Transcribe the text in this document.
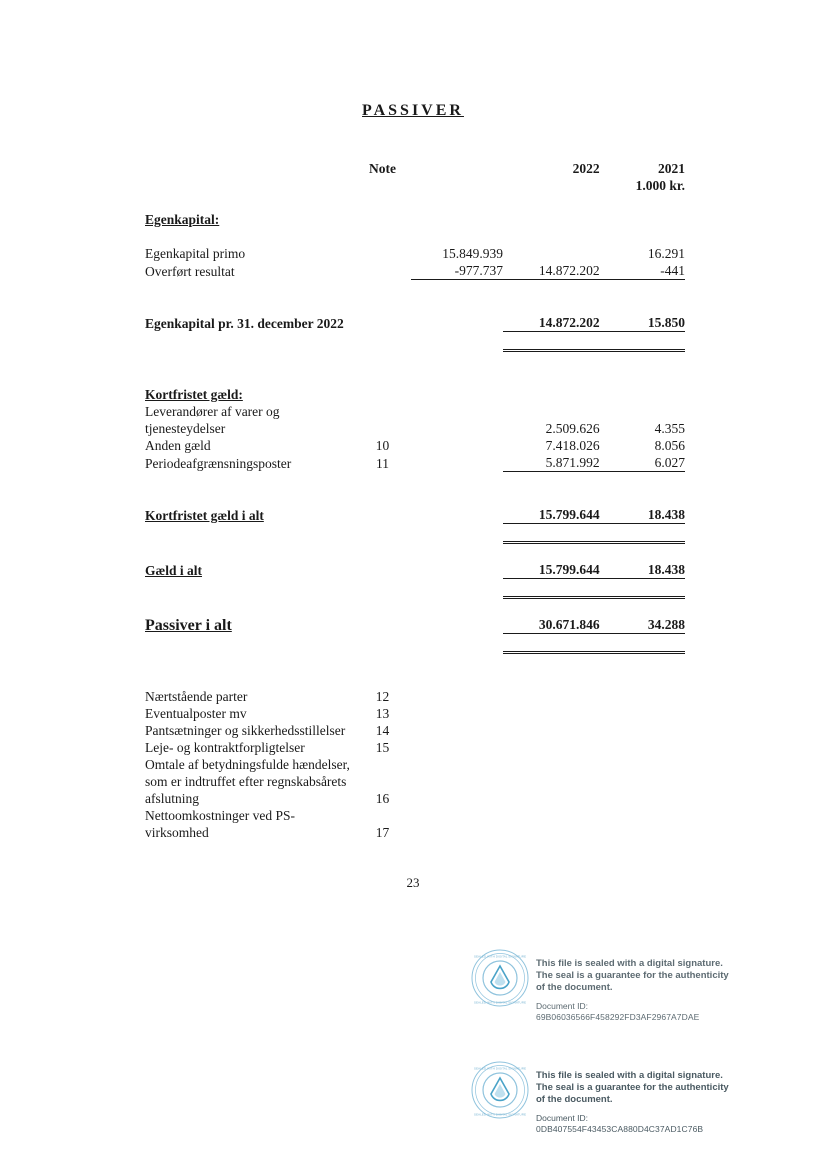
PASSIVER
	Note		2022	2021
				1.000 kr.

Egenkapital:				

Egenkapital primo		15.849.939		16.291
Overført resultat		-977.737	14.872.202	-441

Egenkapital pr. 31. december 2022			14.872.202	15.850

Kortfristet gæld:				
Leverandører af varer og				
tjenesteydelser			2.509.626	4.355
Anden gæld	10		7.418.026	8.056
Periodeafgrænsningsposter	11		5.871.992	6.027

Kortfristet gæld i alt			15.799.644	18.438

Gæld i alt			15.799.644	18.438

Passiver i alt			30.671.846	34.288

Nærtstående parter	12			
Eventualposter mv	13			
Pantsætninger og sikkerhedsstillelser	14			
Leje- og kontraktforpligtelser	15			
Omtale af betydningsfulde hændelser,				
som er indtruffet efter regnskabsårets				
afslutning	16			
Nettoomkostninger ved PS-virksomhed	17			
23
SEALED WITH DIGITAL SIGNATURE
SEALED WITH DIGITAL SIGNATURE
This file is sealed with a digital signature.
The seal is a guarantee for the authenticity
of the document.
Document ID:
69B06036566F458292FD3AF2967A7DAE
SEALED WITH DIGITAL SIGNATURE
SEALED WITH DIGITAL SIGNATURE
This file is sealed with a digital signature.
The seal is a guarantee for the authenticity
of the document.
Document ID:
0DB407554F43453CA880D4C37AD1C76B
